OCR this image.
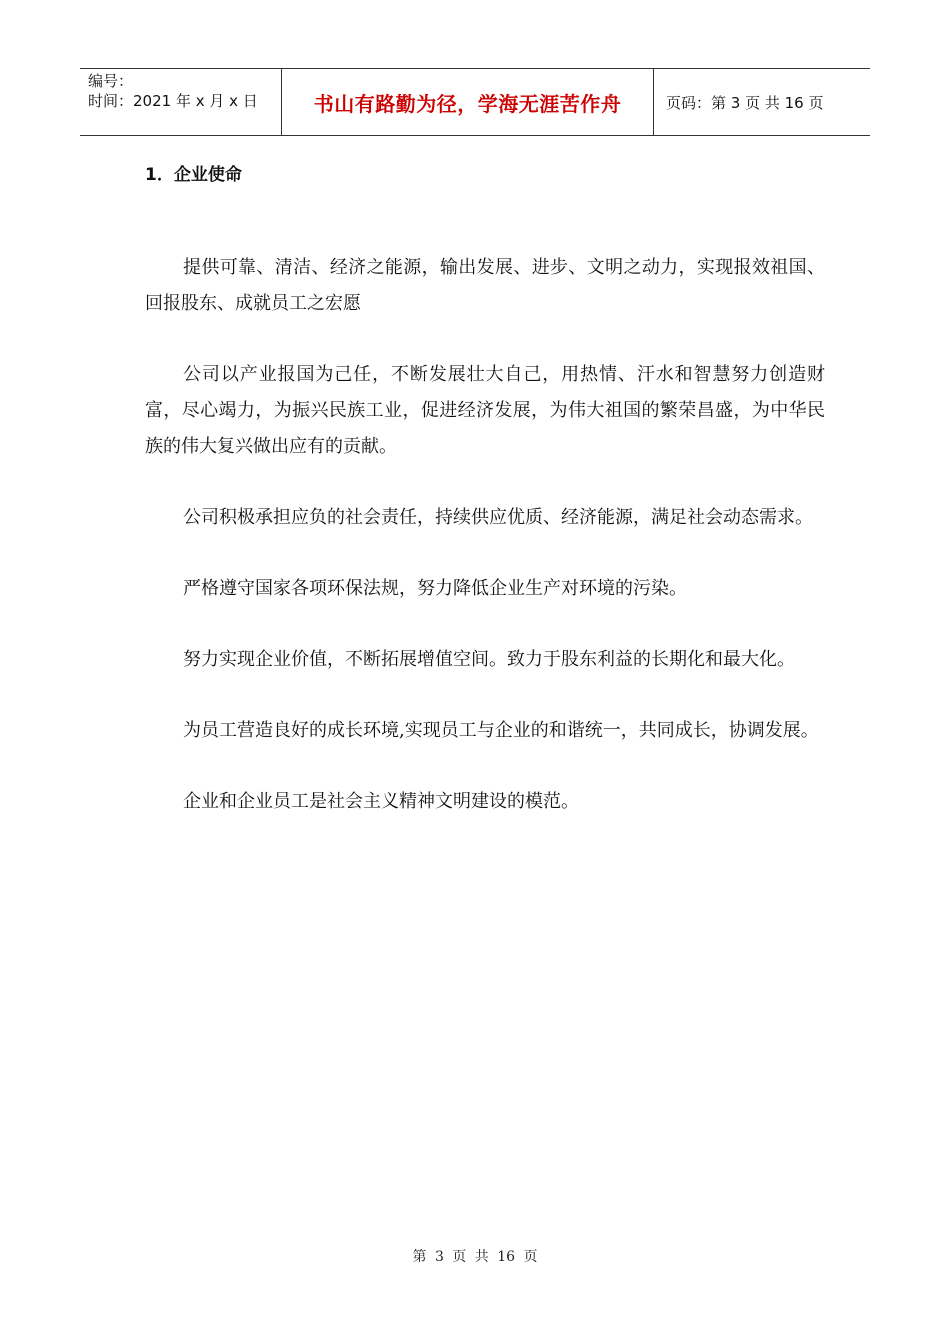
编号：
时间：2021 年 x 月 x 日	书山有路勤为径，学海无涯苦作舟	页码：第 3 页 共 16 页
1．企业使命

提供可靠、清洁、经济之能源，输出发展、进步、文明之动力，实现报效祖国、回报股东、成就员工之宏愿

公司以产业报国为己任，不断发展壮大自己，用热情、汗水和智慧努力创造财富，尽心竭力，为振兴民族工业，促进经济发展，为伟大祖国的繁荣昌盛，为中华民族的伟大复兴做出应有的贡献。

公司积极承担应负的社会责任，持续供应优质、经济能源，满足社会动态需求。

严格遵守国家各项环保法规，努力降低企业生产对环境的污染。

努力实现企业价值，不断拓展增值空间。致力于股东利益的长期化和最大化。

为员工营造良好的成长环境,实现员工与企业的和谐统一，共同成长，协调发展。

企业和企业员工是社会主义精神文明建设的模范。

第 3 页 共 16 页
